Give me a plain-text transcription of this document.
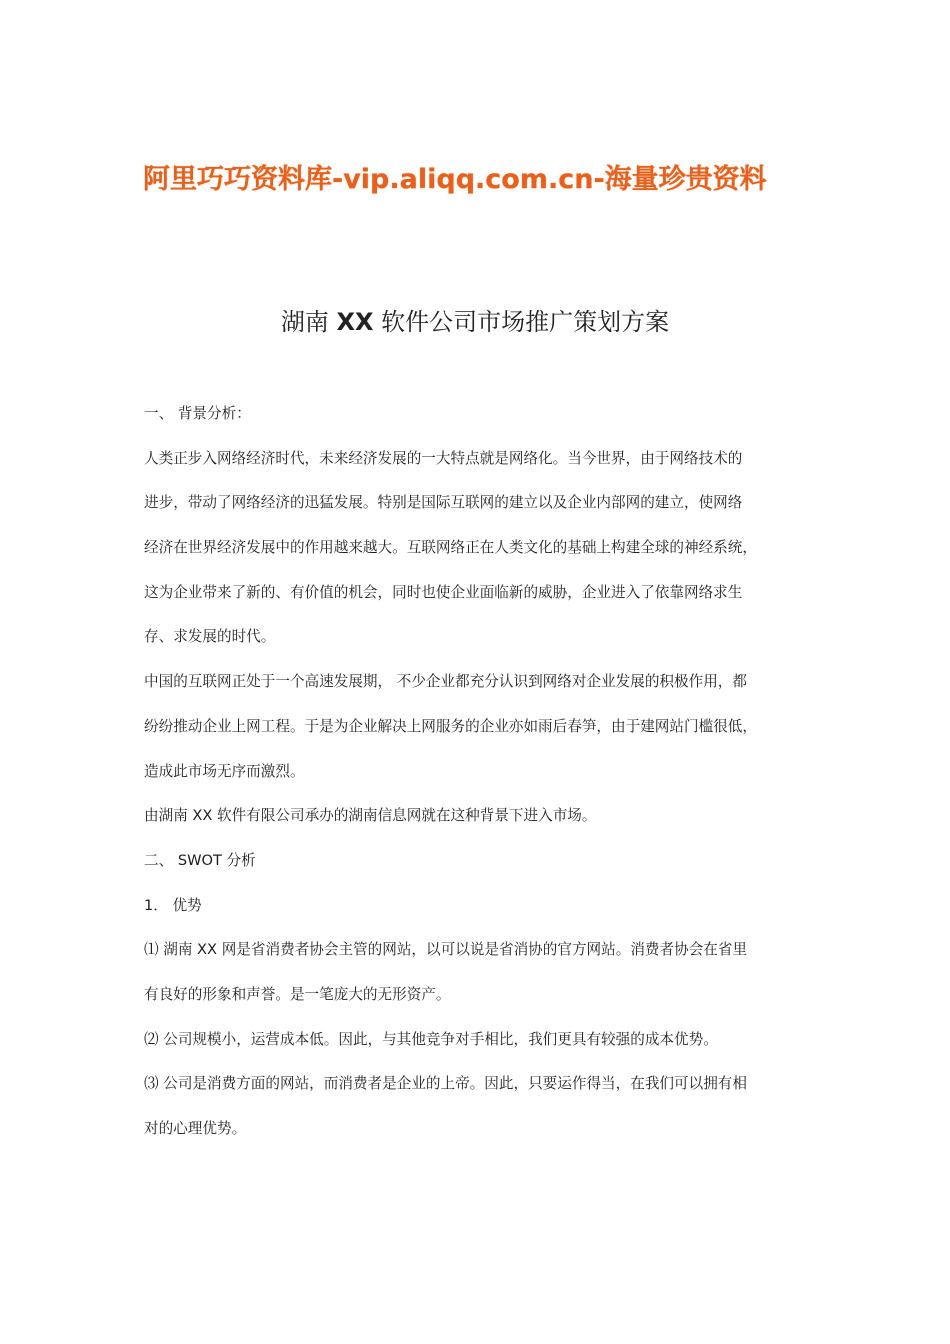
阿里巧巧资料库-vip.aliqq.com.cn-海量珍贵资料
湖南 XX 软件公司市场推广策划方案
一、 背景分析：
人类正步入网络经济时代，未来经济发展的一大特点就是网络化。当今世界，由于网络技术的
进步，带动了网络经济的迅猛发展。特别是国际互联网的建立以及企业内部网的建立，使网络
经济在世界经济发展中的作用越来越大。互联网络正在人类文化的基础上构建全球的神经系统，
这为企业带来了新的、有价值的机会，同时也使企业面临新的威胁，企业进入了依靠网络求生
存、求发展的时代。
中国的互联网正处于一个高速发展期， 不少企业都充分认识到网络对企业发展的积极作用，都
纷纷推动企业上网工程。于是为企业解决上网服务的企业亦如雨后春笋，由于建网站门槛很低，
造成此市场无序而激烈。
由湖南 XX 软件有限公司承办的湖南信息网就在这种背景下进入市场。
二、 SWOT 分析
1． 优势
⑴ 湖南 XX 网是省消费者协会主管的网站，以可以说是省消协的官方网站。消费者协会在省里
有良好的形象和声誉。是一笔庞大的无形资产。
⑵ 公司规模小，运营成本低。因此，与其他竞争对手相比，我们更具有较强的成本优势。
⑶ 公司是消费方面的网站，而消费者是企业的上帝。因此，只要运作得当，在我们可以拥有相
对的心理优势。
